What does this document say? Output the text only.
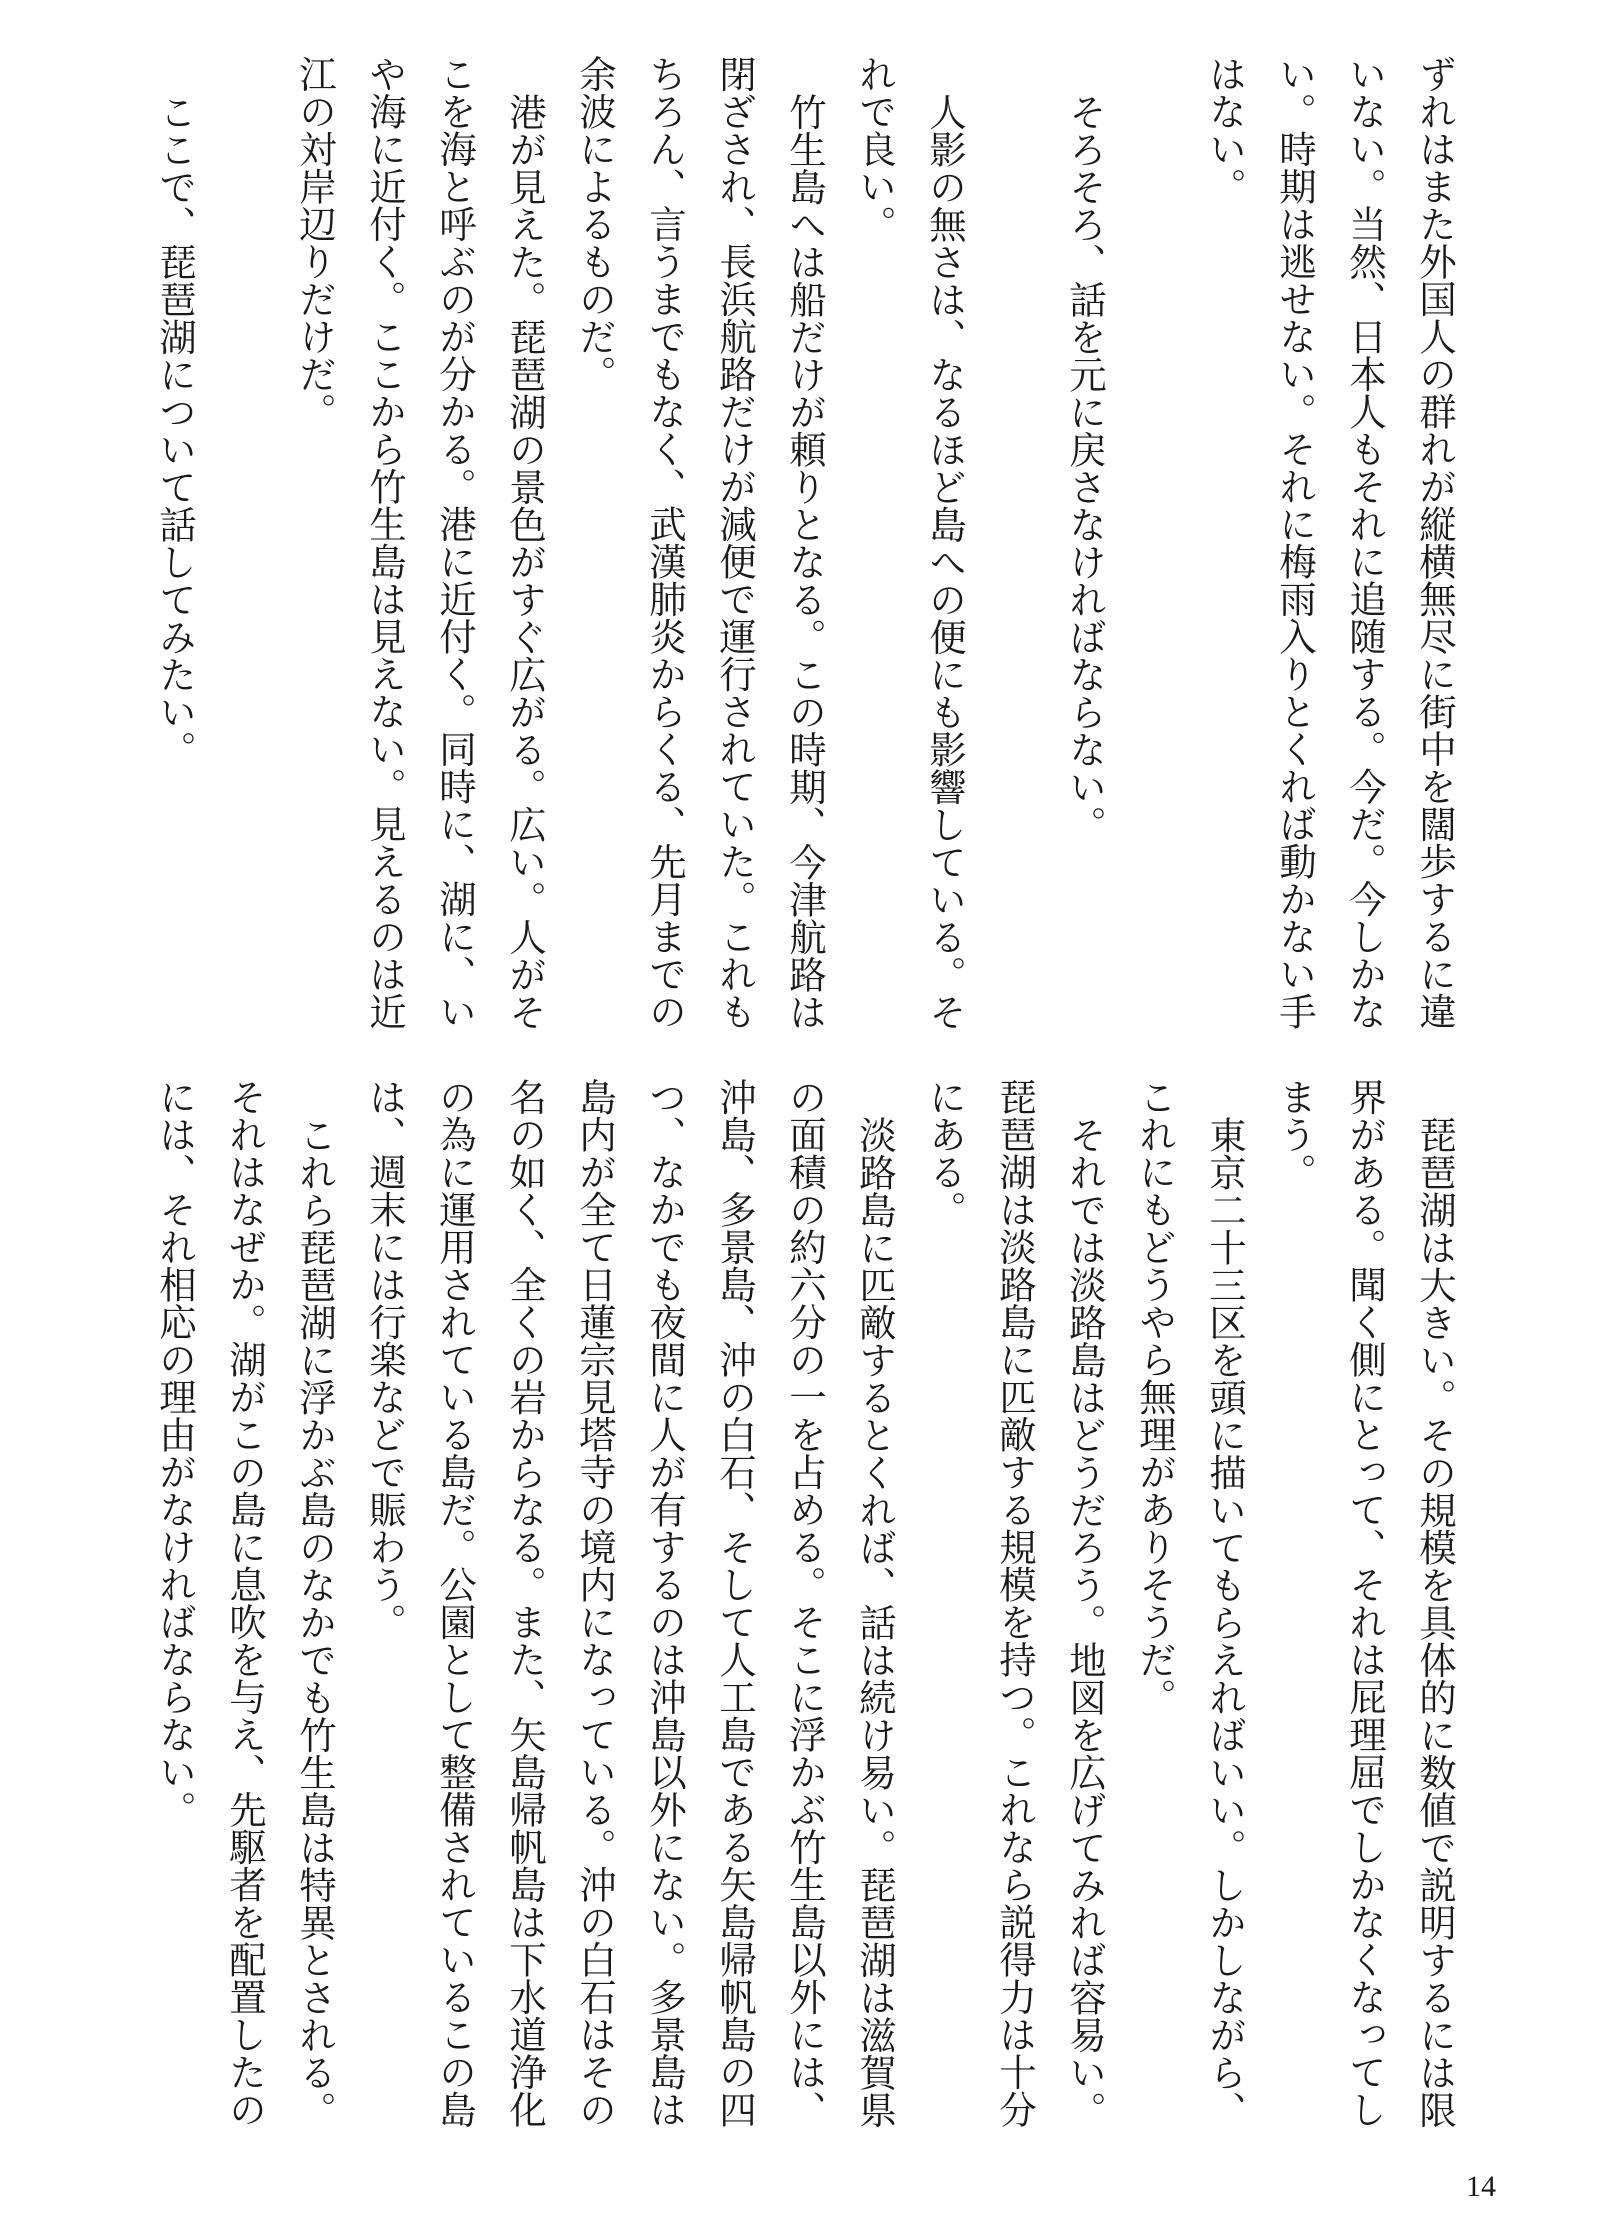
ずれはまた外国人の群れが縦横無尽に街中を闊歩するに違いない。当然、日本人もそれに追随する。今だ。今しかない。時期は逃せない。それに梅雨入りとくれば動かない手はない。

そろそろ、話を元に戻さなければならない。

人影の無さは、なるほど島への便にも影響している。それで良い。

竹生島へは船だけが頼りとなる。この時期、今津航路は閉ざされ、長浜航路だけが減便で運行されていた。これもちろん、言うまでもなく、武漢肺炎からくる、先月までの余波によるものだ。

港が見えた。琵琶湖の景色がすぐ広がる。広い。人がそこを海と呼ぶのが分かる。港に近付く。同時に、湖に、いや海に近付く。ここから竹生島は見えない。見えるのは近江の対岸辺りだけだ。

ここで、琵琶湖について話してみたい。

琵琶湖は大きい。その規模を具体的に数値で説明するには限界がある。聞く側にとって、それは屁理屈でしかなくなってしまう。

東京二十三区を頭に描いてもらえればいい。しかしながら、これにもどうやら無理がありそうだ。

それでは淡路島はどうだろう。地図を広げてみれば容易い。琵琶湖は淡路島に匹敵する規模を持つ。これなら説得力は十分にある。

淡路島に匹敵するとくれば、話は続け易い。琵琶湖は滋賀県の面積の約六分の一を占める。そこに浮かぶ竹生島以外には、沖島、多景島、沖の白石、そして人工島である矢島帰帆島の四つ、なかでも夜間に人が有するのは沖島以外にない。多景島は島内が全て日蓮宗見塔寺の境内になっている。沖の白石はその名の如く、全くの岩からなる。また、矢島帰帆島は下水道浄化の為に運用されている島だ。公園として整備されているこの島は、週末には行楽などで賑わう。

これら琵琶湖に浮かぶ島のなかでも竹生島は特異とされる。それはなぜか。湖がこの島に息吹を与え、先駆者を配置したのには、それ相応の理由がなければならない。

14
